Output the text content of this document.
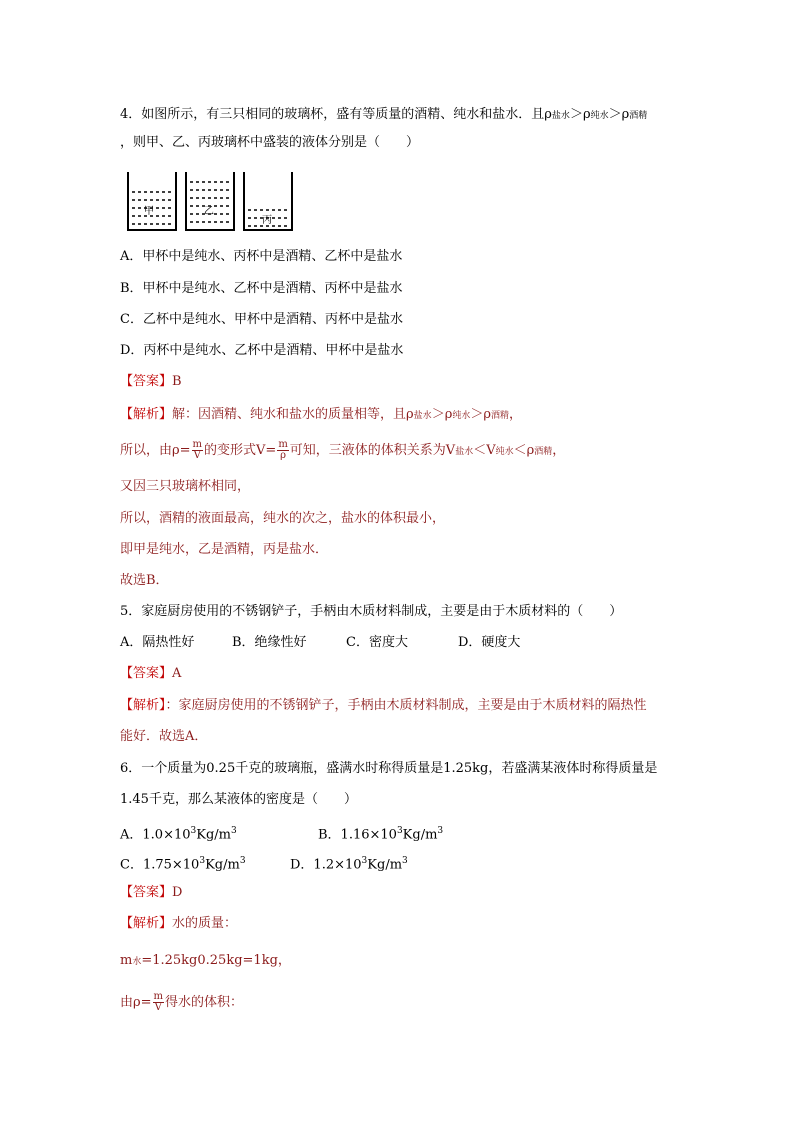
4．如图所示，有三只相同的玻璃杯，盛有等质量的酒精、纯水和盐水．且ρ盐水＞ρ纯水＞ρ酒精
，则甲、乙、丙玻璃杯中盛装的液体分别是（　　）
甲	乙
丙
A．甲杯中是纯水、丙杯中是酒精、乙杯中是盐水
B．甲杯中是纯水、乙杯中是酒精、丙杯中是盐水
C．乙杯中是纯水、甲杯中是酒精、丙杯中是盐水
D．丙杯中是纯水、乙杯中是酒精、甲杯中是盐水
【答案】B
【解析】解：因酒精、纯水和盐水的质量相等，且ρ盐水＞ρ纯水＞ρ酒精，
所以，由$\rho= \frac{m}{V}$ 的变形式$V= \frac{m}{\rho}$ 可知，三液体的体积关系为V盐水＜V纯水＜ρ酒精，
又因三只玻璃杯相同，
所以，酒精的液面最高，纯水的次之，盐水的体积最小，
即甲是纯水，乙是酒精，丙是盐水．
故选B．
5．家庭厨房使用的不锈钢铲子，手柄由木质材料制成，主要是由于木质材料的（　　）
A．隔热性好	B．绝缘性好	C．密度大	D．硬度大
【答案】A
【解析】：家庭厨房使用的不锈钢铲子，手柄由木质材料制成，主要是由于木质材料的隔热性
能好．故选A．
6．一个质量为0.25千克的玻璃瓶，盛满水时称得质量是1.25kg，若盛满某液体时称得质量是
1.45千克，那么某液体的密度是（　　）
A．$1.0\times 10^3Kg/m^3$	B．$1.16\times 10^3Kg/m^3$
C．$1.75\times 10^3Kg/m^3$	D．$1.2\times 10^3Kg/m^3$
【答案】D
【解析】水的质量：
m水=1.25kg0.25kg=1kg，
由$\rho= \frac{m}{V}$ 得水的体积：
